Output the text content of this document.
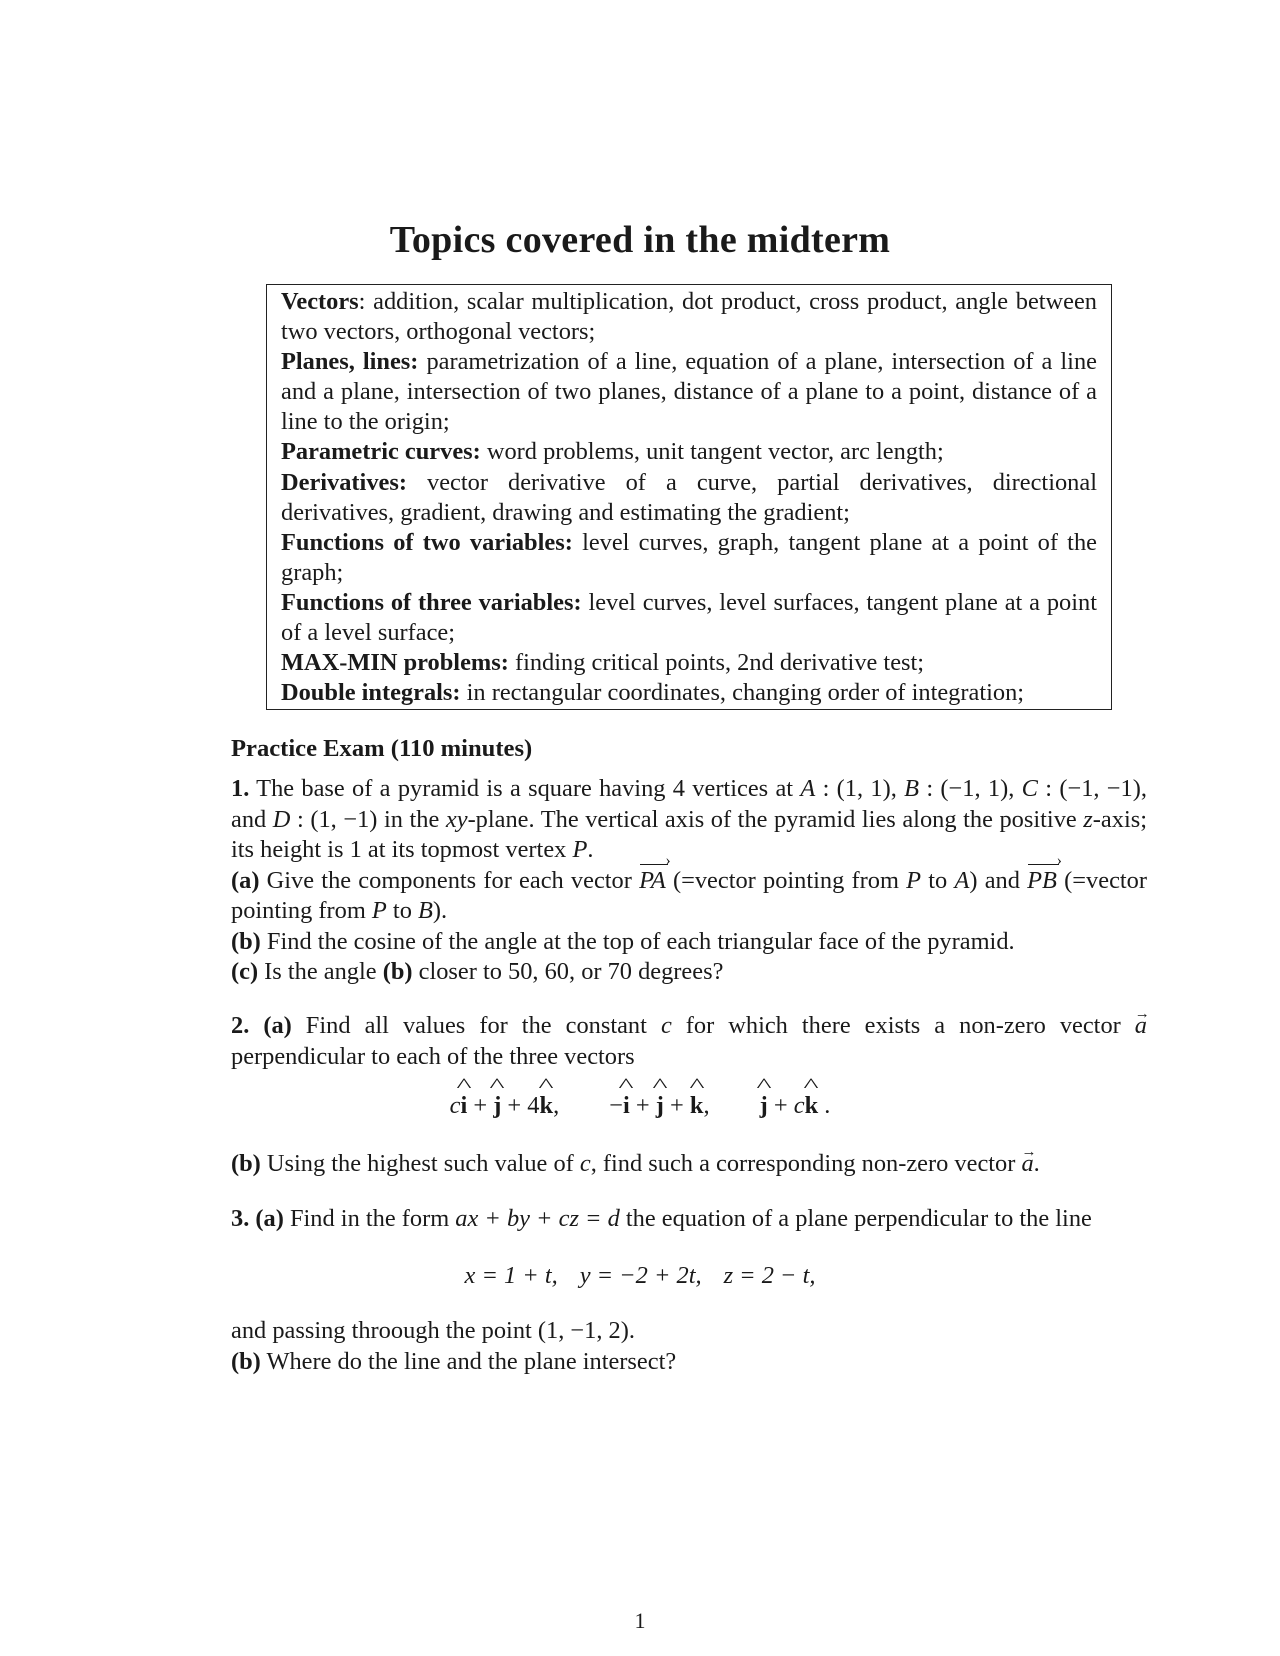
Topics covered in the midterm

Vectors: addition, scalar multiplication, dot product, cross product, angle between two vectors, orthogonal vectors;

Planes, lines: parametrization of a line, equation of a plane, intersection of a line and a plane, intersection of two planes, distance of a plane to a point, distance of a line to the origin;

Parametric curves: word problems, unit tangent vector, arc length;

Derivatives: vector derivative of a curve, partial derivatives, directional derivatives, gradient, drawing and estimating the gradient;

Functions of two variables: level curves, graph, tangent plane at a point of the graph;

Functions of three variables: level curves, level surfaces, tangent plane at a point of a level surface;

MAX-MIN problems: finding critical points, 2nd derivative test;

Double integrals: in rectangular coordinates, changing order of integration;

Practice Exam (110 minutes)
1. The base of a pyramid is a square having 4 vertices at A : (1, 1), B : (−1, 1), C : (−1, −1), and D : (1, −1) in the xy-plane. The vertical axis of the pyramid lies along the positive z-axis; its height is 1 at its topmost vertex P.
(a) Give the components for each vector PA › (=vector pointing from P to A) and PB › (=vector pointing from P to B).
(b) Find the cosine of the angle at the top of each triangular face of the pyramid.
(c) Is the angle (b) closer to 50, 60, or 70 degrees?
2. (a) Find all values for the constant c for which there exists a non-zero vector a → perpendicular to each of the three vectors
c^ i + ^ j + 4^ k, −^ i + ^ j + ^ k, ^ j + c^ k .
(b) Using the highest such value of c, find such a corresponding non-zero vector a →.
3. (a) Find in the form ax + by + cz = d the equation of a plane perpendicular to the line
x = 1 + t, y = −2 + 2t, z = 2 − t,
and passing throough the point (1, −1, 2).
(b) Where do the line and the plane intersect?
1
